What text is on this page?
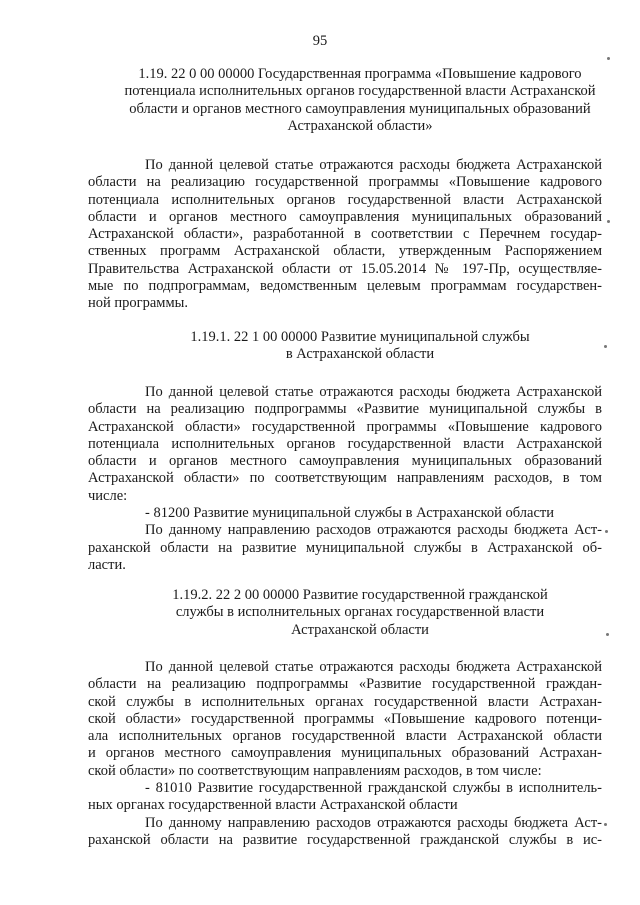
95
1.19. 22 0 00 00000 Государственная программа «Повышение кадрового
потенциала исполнительных органов государственной власти Астраханской
области и органов местного самоуправления муниципальных образований
Астраханской области»
По данной целевой статье отражаются расходы бюджета Астраханской
области на реализацию государственной программы «Повышение кадрового
потенциала исполнительных органов государственной власти Астраханской
области и органов местного самоуправления муниципальных образований
Астраханской области», разработанной в соответствии с Перечнем государ-
ственных программ Астраханской области, утвержденным Распоряжением
Правительства Астраханской области от 15.05.2014 № 197-Пр, осуществляе-
мые по подпрограммам, ведомственным целевым программам государствен-
ной программы.
1.19.1. 22 1 00 00000 Развитие муниципальной службы
в Астраханской области
По данной целевой статье отражаются расходы бюджета Астраханской
области на реализацию подпрограммы «Развитие муниципальной службы в
Астраханской области» государственной программы «Повышение кадрового
потенциала исполнительных органов государственной власти Астраханской
области и органов местного самоуправления муниципальных образований
Астраханской области» по соответствующим направлениям расходов, в том
числе:
- 81200 Развитие муниципальной службы в Астраханской области
По данному направлению расходов отражаются расходы бюджета Аст-
раханской области на развитие муниципальной службы в Астраханской об-
ласти.
1.19.2. 22 2 00 00000 Развитие государственной гражданской
службы в исполнительных органах государственной власти
Астраханской области
По данной целевой статье отражаются расходы бюджета Астраханской
области на реализацию подпрограммы «Развитие государственной граждан-
ской службы в исполнительных органах государственной власти Астрахан-
ской области» государственной программы «Повышение кадрового потенци-
ала исполнительных органов государственной власти Астраханской области
и органов местного самоуправления муниципальных образований Астрахан-
ской области» по соответствующим направлениям расходов, в том числе:
- 81010 Развитие государственной гражданской службы в исполнитель-
ных органах государственной власти Астраханской области
По данному направлению расходов отражаются расходы бюджета Аст-
раханской области на развитие государственной гражданской службы в ис-
